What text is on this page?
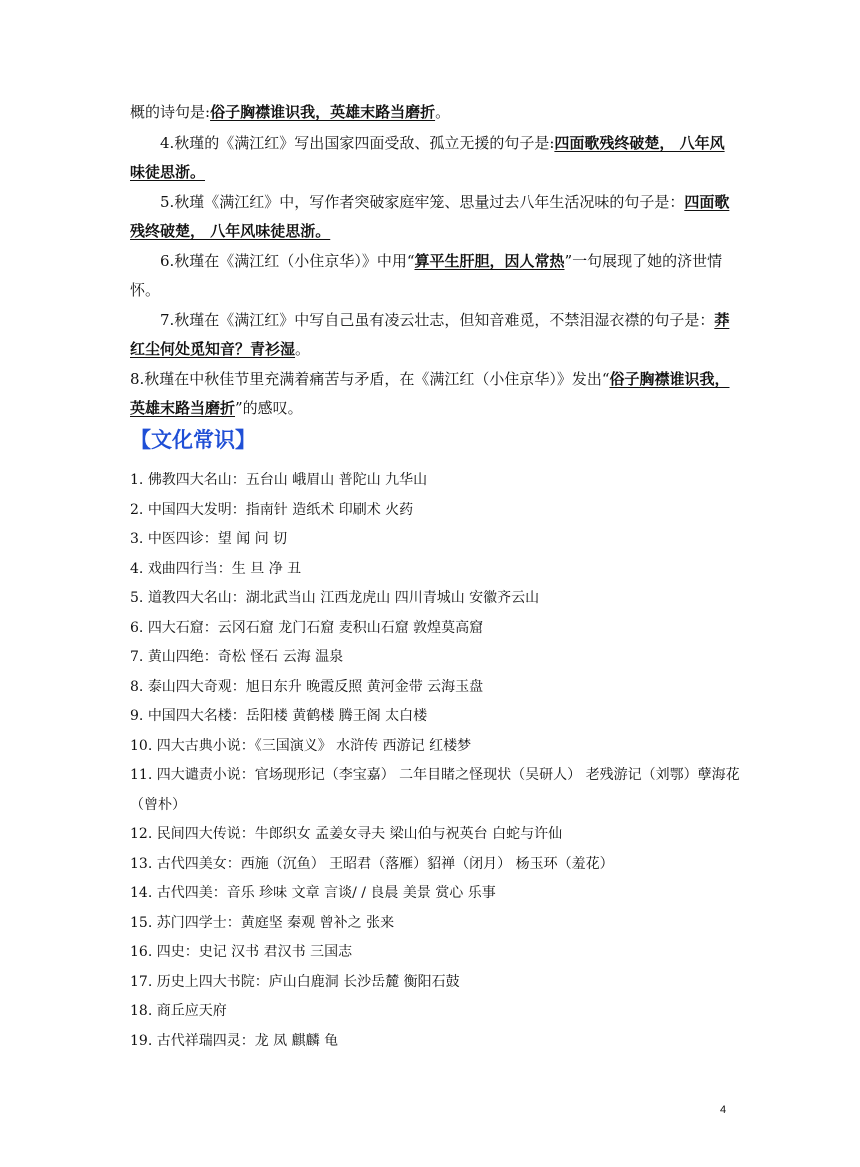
概的诗句是:俗子胸襟谁识我，英雄末路当磨折。

4.秋瑾的《满江红》写出国家四面受敌、孤立无援的句子是:四面歌残终破楚， 八年风味徒思浙。

5.秋瑾《满江红》中，写作者突破家庭牢笼、思量过去八年生活况味的句子是：四面歌残终破楚， 八年风味徒思浙。

6.秋瑾在《满江红（小住京华）》中用“算平生肝胆，因人常热”一句展现了她的济世情怀。

7.秋瑾在《满江红》中写自己虽有凌云壮志，但知音难觅，不禁泪湿衣襟的句子是：莽红尘何处觅知音？青衫湿。

8.秋瑾在中秋佳节里充满着痛苦与矛盾，在《满江红（小住京华）》发出“俗子胸襟谁识我，英雄末路当磨折”的感叹。

【文化常识】
1. 佛教四大名山：五台山 峨眉山 普陀山 九华山
2. 中国四大发明：指南针 造纸术 印刷术 火药
3. 中医四诊：望 闻 问 切
4. 戏曲四行当：生 旦 净 丑
5. 道教四大名山：湖北武当山 江西龙虎山 四川青城山 安徽齐云山
6. 四大石窟：云冈石窟 龙门石窟 麦积山石窟 敦煌莫高窟
7. 黄山四绝：奇松 怪石 云海 温泉
8. 泰山四大奇观：旭日东升 晚霞反照 黄河金带 云海玉盘
9. 中国四大名楼：岳阳楼 黄鹤楼 腾王阁 太白楼
10. 四大古典小说：《三国演义》 水浒传 西游记 红楼梦
11. 四大谴责小说：官场现形记（李宝嘉） 二年目睹之怪现状（吴研人） 老残游记（刘鄂）孽海花（曾朴）
12. 民间四大传说：牛郎织女 孟姜女寻夫 梁山伯与祝英台 白蛇与许仙
13. 古代四美女：西施（沉鱼） 王昭君（落雁）貂禅（闭月） 杨玉环（羞花）
14. 古代四美：音乐 珍味 文章 言谈/ / 良晨 美景 赏心 乐事
15. 苏门四学士：黄庭坚 秦观 曾补之 张来
16. 四史：史记 汉书 君汉书 三国志
17. 历史上四大书院：庐山白鹿洞 长沙岳麓 衡阳石鼓
18. 商丘应天府
19. 古代祥瑞四灵：龙 凤 麒麟 龟
4
